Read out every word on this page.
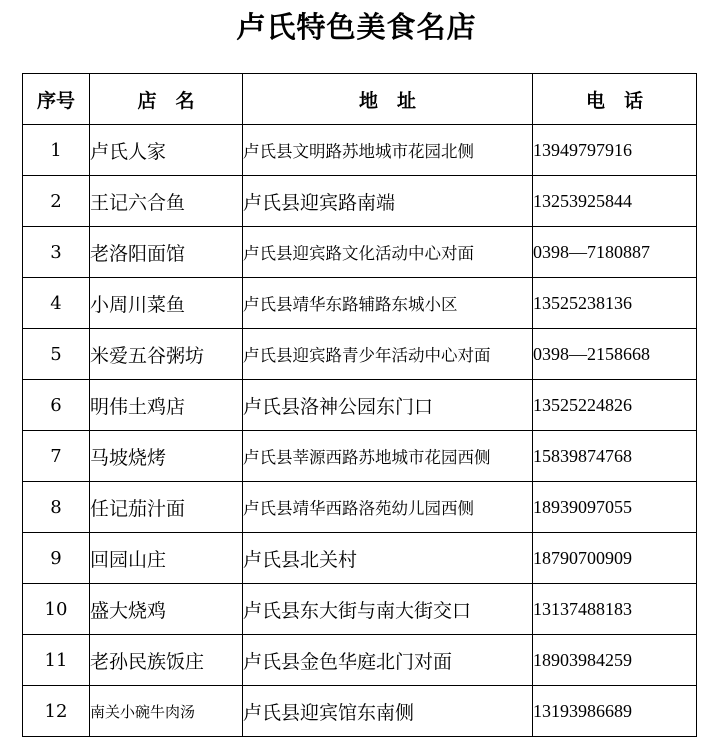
卢氏特色美食名店
序号	店　名	地　址	电　话
1	卢氏人家	卢氏县文明路苏地城市花园北侧	13949797916
2	王记六合鱼	卢氏县迎宾路南端	13253925844
3	老洛阳面馆	卢氏县迎宾路文化活动中心对面	0398—7180887
4	小周川菜鱼	卢氏县靖华东路辅路东城小区	13525238136
5	米爱五谷粥坊	卢氏县迎宾路青少年活动中心对面	0398—2158668
6	明伟土鸡店	卢氏县洛神公园东门口	13525224826
7	马坡烧烤	卢氏县莘源西路苏地城市花园西侧	15839874768
8	任记茄汁面	卢氏县靖华西路洛苑幼儿园西侧	18939097055
9	回园山庄	卢氏县北关村	18790700909
10	盛大烧鸡	卢氏县东大街与南大街交口	13137488183
11	老孙民族饭庄	卢氏县金色华庭北门对面	18903984259
12	南关小碗牛肉汤	卢氏县迎宾馆东南侧	13193986689
